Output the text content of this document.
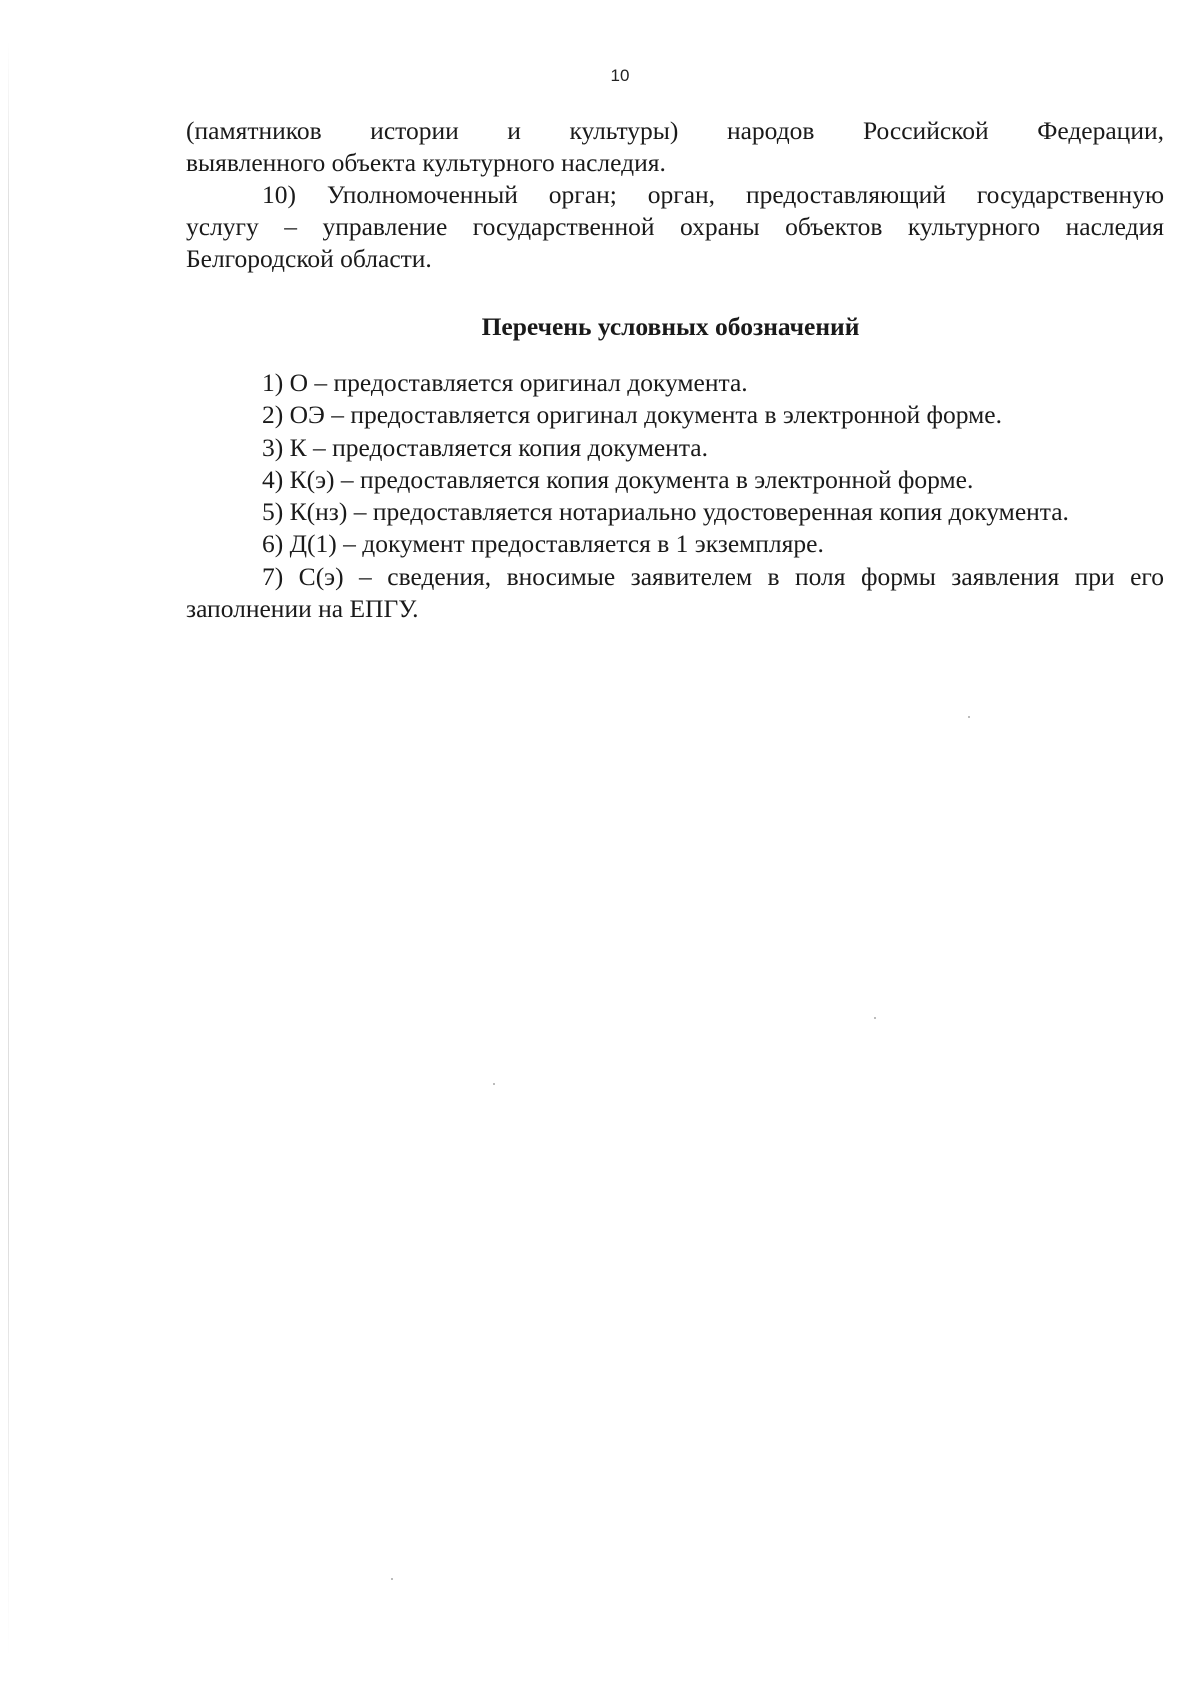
10
(памятников истории и культуры) народов Российской Федерации,
выявленного объекта культурного наследия.
10) Уполномоченный орган; орган, предоставляющий государственную
услугу – управление государственной охраны объектов культурного наследия
Белгородской области.
Перечень условных обозначений
1) О – предоставляется оригинал документа.
2) ОЭ – предоставляется оригинал документа в электронной форме.
3) К – предоставляется копия документа.
4) К(э) – предоставляется копия документа в электронной форме.
5) К(нз) – предоставляется нотариально удостоверенная копия документа.
6) Д(1) – документ предоставляется в 1 экземпляре.
7) С(э) – сведения, вносимые заявителем в поля формы заявления при его
заполнении на ЕПГУ.
